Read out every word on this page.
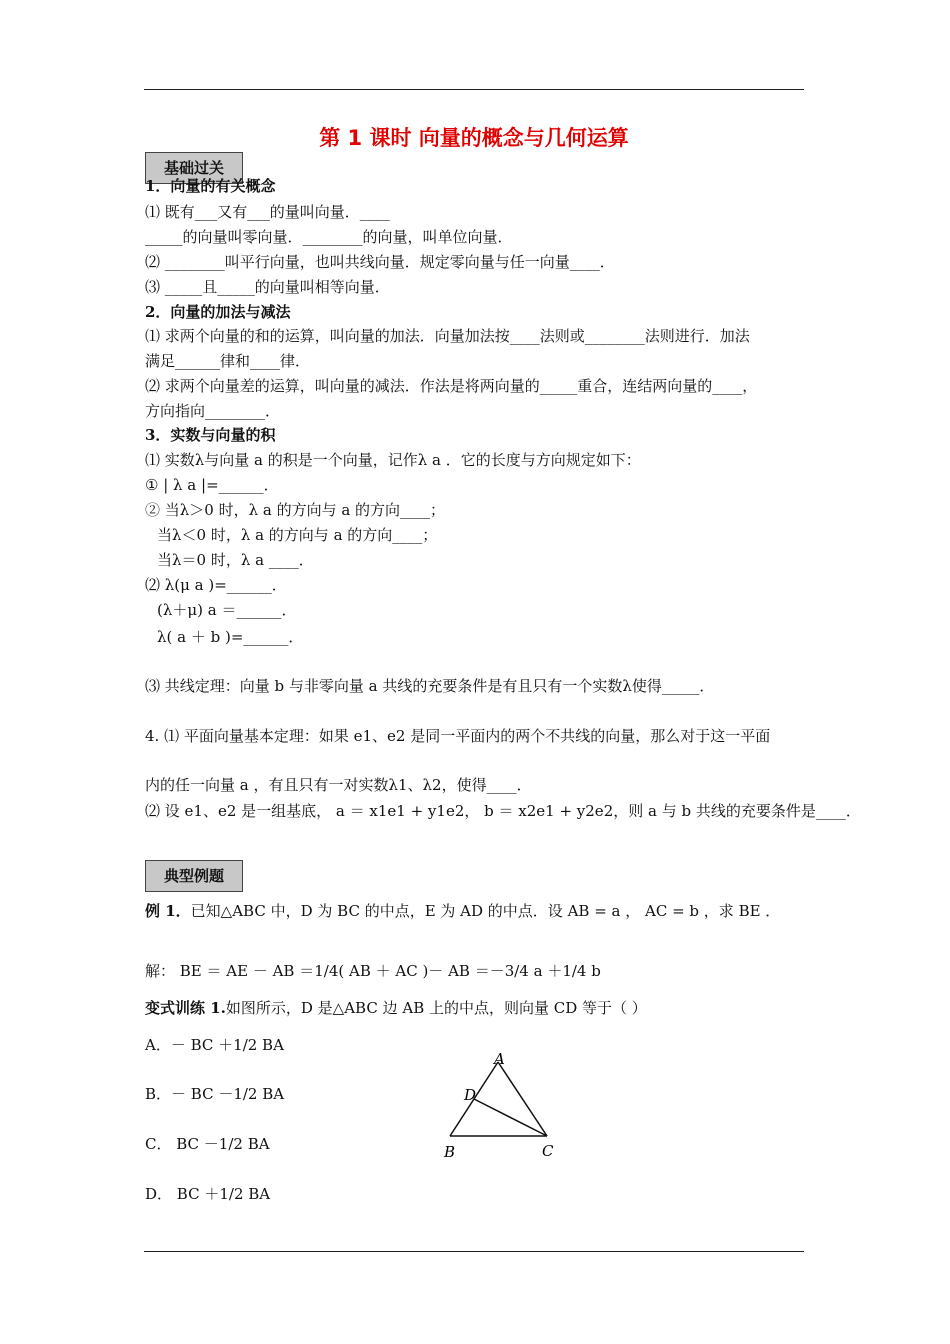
第 1 课时 向量的概念与几何运算
基础过关
1．向量的有关概念
⑴ 既有___又有___的量叫向量．____
_____的向量叫零向量．________的向量，叫单位向量．
⑵ ________叫平行向量，也叫共线向量．规定零向量与任一向量____．
⑶ _____且_____的向量叫相等向量．
2．向量的加法与减法
⑴ 求两个向量的和的运算，叫向量的加法．向量加法按____法则或________法则进行．加法
满足______律和____律．
⑵ 求两个向量差的运算，叫向量的减法．作法是将两向量的_____重合，连结两向量的____，
方向指向________．
3．实数与向量的积
⑴ 实数λ与向量 a 的积是一个向量，记作λ a ．它的长度与方向规定如下：
① | λ a |=______．
② 当λ＞0 时，λ a 的方向与 a 的方向____；
当λ＜0 时，λ a 的方向与 a 的方向____；
当λ＝0 时，λ a ____．
⑵ λ(μ a )=______．
(λ＋μ) a ＝______．
λ( a ＋ b )=______．
⑶ 共线定理：向量 b 与非零向量 a 共线的充要条件是有且只有一个实数λ使得_____．
4. ⑴ 平面向量基本定理：如果 e1、e2 是同一平面内的两个不共线的向量，那么对于这一平面
内的任一向量 a ，有且只有一对实数λ1、λ2，使得____．
⑵ 设 e1、e2 是一组基底， a ＝ x1e1 + y1e2， b ＝ x2e1 + y2e2，则 a 与 b 共线的充要条件是____．
典型例题
例 1．已知△ABC 中，D 为 BC 的中点，E 为 AD 的中点．设 AB = a ， AC = b ，求 BE ．
解： BE ＝ AE － AB ＝1/4( AB ＋ AC )－ AB ＝－3/4 a ＋1/4 b
变式训练 1.如图所示，D 是△ABC 边 AB 上的中点，则向量 CD 等于（ ）
A．－ BC ＋1/2 BA
B．－ BC －1/2 BA
C． BC －1/2 BA
D． BC ＋1/2 BA
A
D
B	C
